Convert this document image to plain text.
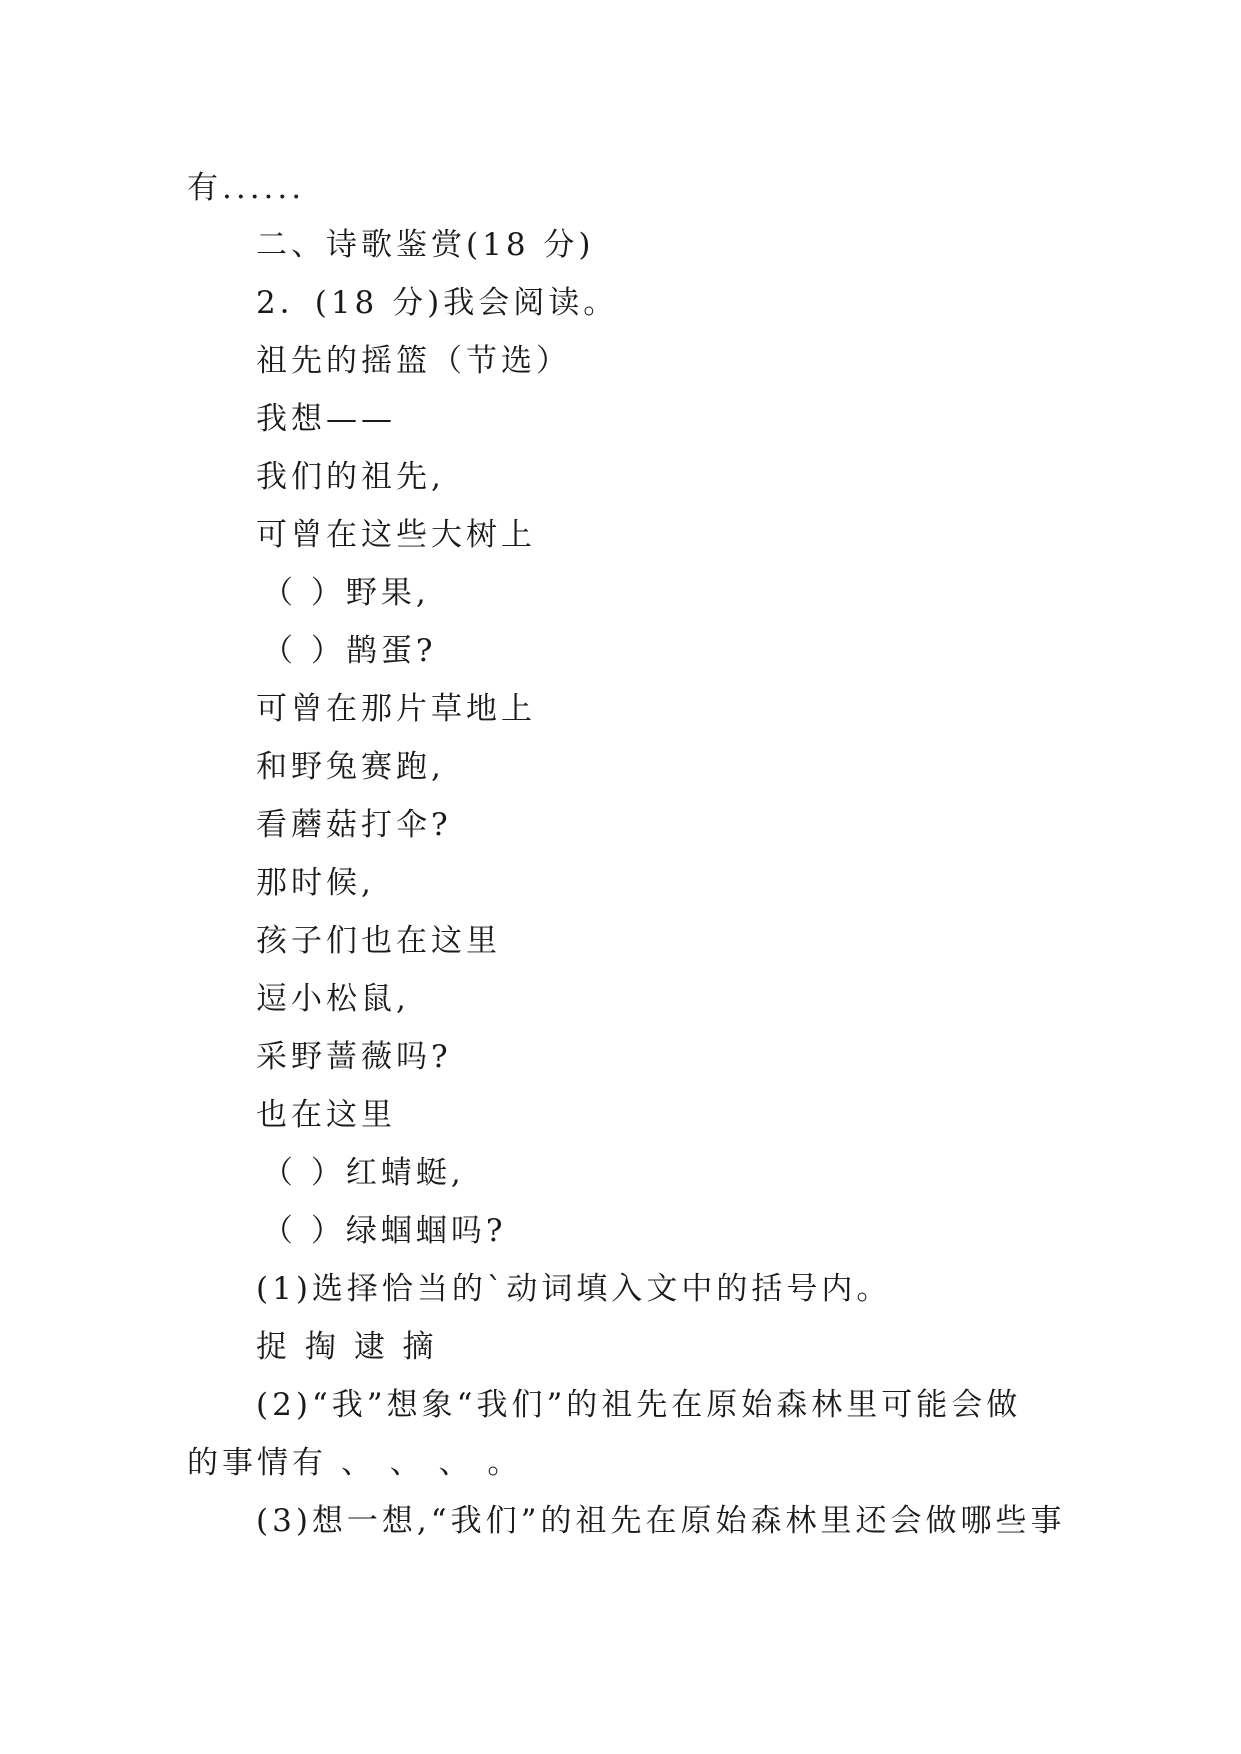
有......
二、诗歌鉴赏(18 分)
2．(18 分)我会阅读。
祖先的摇篮（节选）
我想——
我们的祖先,
可曾在这些大树上
（ ）野果,
（ ）鹊蛋?
可曾在那片草地上
和野兔赛跑,
看蘑菇打伞?
那时候,
孩子们也在这里
逗小松鼠,
采野蔷薇吗?
也在这里
（ ）红蜻蜓,
（ ）绿蝈蝈吗?
(1)选择恰当的`动词填入文中的括号内。
捉 掏 逮 摘
(2)“我”想象“我们”的祖先在原始森林里可能会做
的事情有 、 、 、 。
(3)想一想,“我们”的祖先在原始森林里还会做哪些事
